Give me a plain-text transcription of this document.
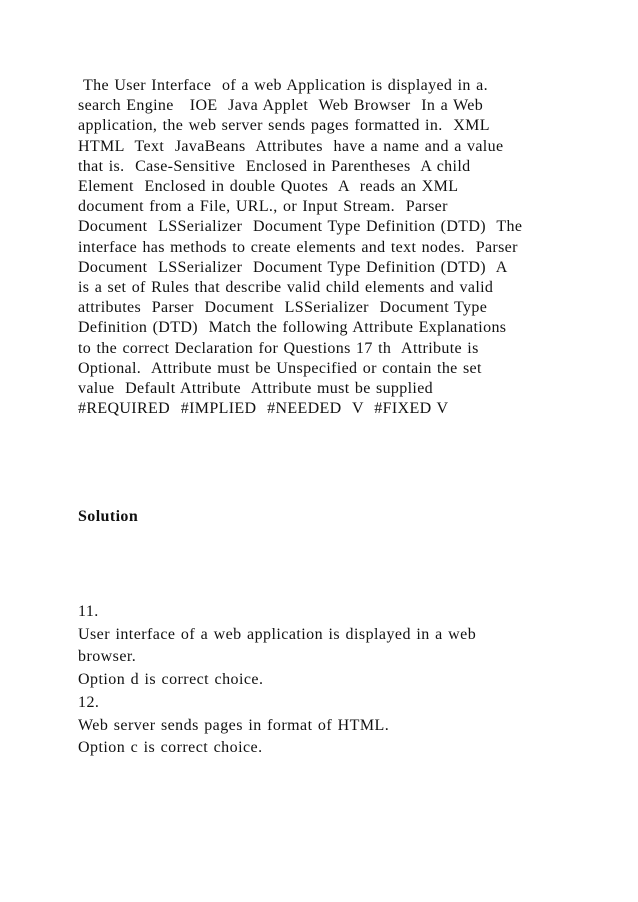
The User Interface  of a web Application is displayed in a.
search Engine   IOE  Java Applet  Web Browser  In a Web
application, the web server sends pages formatted in.  XML
HTML  Text  JavaBeans  Attributes  have a name and a value
that is.  Case-Sensitive  Enclosed in Parentheses  A child
Element  Enclosed in double Quotes  A  reads an XML
document from a File, URL., or Input Stream.  Parser
Document  LSSerializer  Document Type Definition (DTD)  The
interface has methods to create elements and text nodes.  Parser
Document  LSSerializer  Document Type Definition (DTD)  A
is a set of Rules that describe valid child elements and valid
attributes  Parser  Document  LSSerializer  Document Type
Definition (DTD)  Match the following Attribute Explanations
to the correct Declaration for Questions 17 th  Attribute is
Optional.  Attribute must be Unspecified or contain the set
value  Default Attribute  Attribute must be supplied
#REQUIRED  #IMPLIED  #NEEDED  V  #FIXED V
Solution
11.
User interface of a web application is displayed in a web
browser.
Option d is correct choice.
12.
Web server sends pages in format of HTML.
Option c is correct choice.
